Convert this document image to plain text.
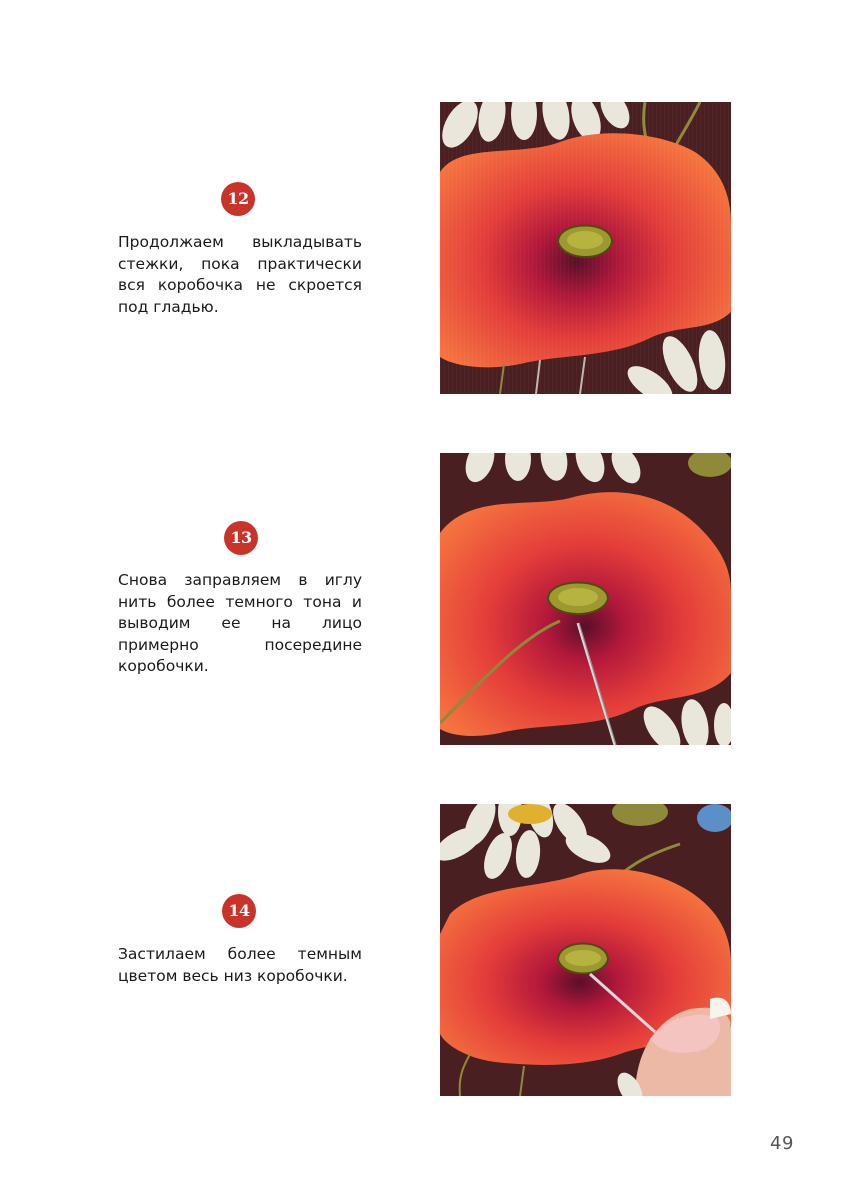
12

Продолжаем выкладывать стежки, пока практически вся коробочка не скроется под гладью.

13

Снова заправляем в иглу нить более темного тона и выводим ее на лицо примерно посередине коробочки.

14

Застилаем более темным цветом весь низ коробочки.

49
